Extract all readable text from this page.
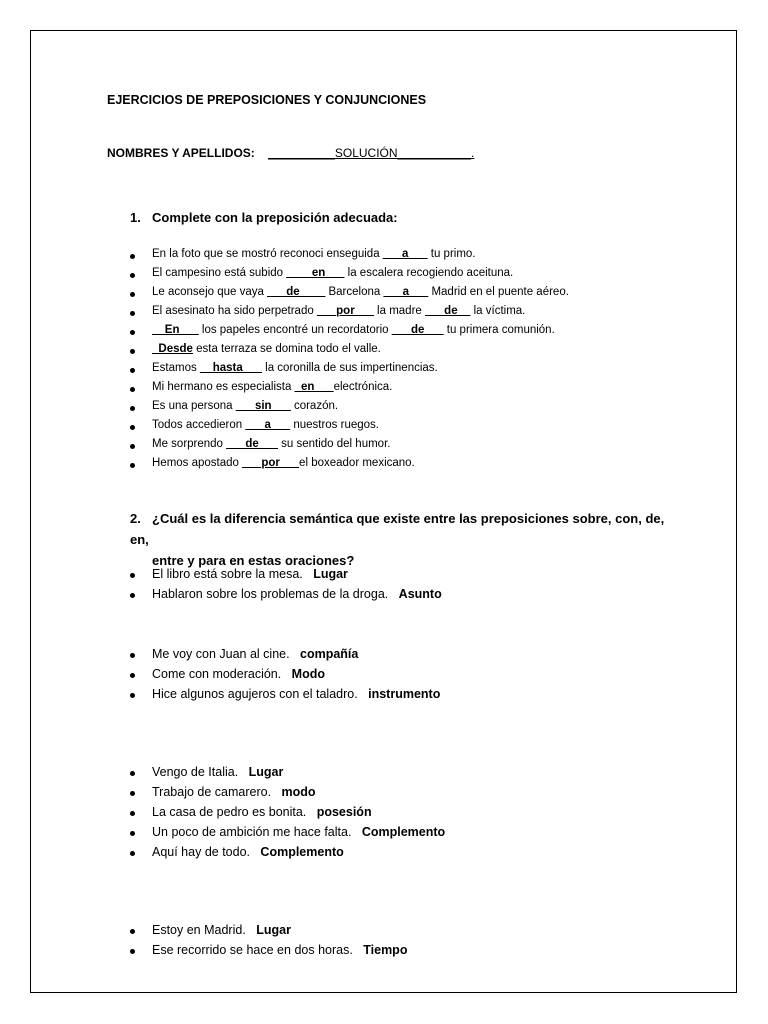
EJERCICIOS DE PREPOSICIONES Y CONJUNCIONES
NOMBRES Y APELLIDOS: __________SOLUCIÓN___________.
1. Complete con la preposición adecuada:
En la foto que se mostró reconoci enseguida ___a___ tu primo.
El campesino está subido ____en___ la escalera recogiendo aceituna.
Le aconsejo que vaya ___de____ Barcelona ___a___ Madrid en el puente aéreo.
El asesinato ha sido perpetrado ___por___ la madre ___de__ la víctima.
__En___ los papeles encontré un recordatorio ___de___ tu primera comunión.
_Desde esta terraza se domina todo el valle.
Estamos __hasta___ la coronilla de sus impertinencias.
Mi hermano es especialista _en___electrónica.
Es una persona ___sin___ corazón.
Todos accedieron ___a___ nuestros ruegos.
Me sorprendo ___de___ su sentido del humor.
Hemos apostado ___por___el boxeador mexicano.
2. ¿Cuál es la diferencia semántica que existe entre las preposiciones sobre, con, de, en,
entre y para en estas oraciones?
El libro está sobre la mesa. Lugar
Hablaron sobre los problemas de la droga. Asunto
Me voy con Juan al cine. compañía
Come con moderación. Modo
Hice algunos agujeros con el taladro. instrumento
Vengo de Italia. Lugar
Trabajo de camarero. modo
La casa de pedro es bonita. posesión
Un poco de ambición me hace falta. Complemento
Aquí hay de todo. Complemento
Estoy en Madrid. Lugar
Ese recorrido se hace en dos horas. Tiempo
